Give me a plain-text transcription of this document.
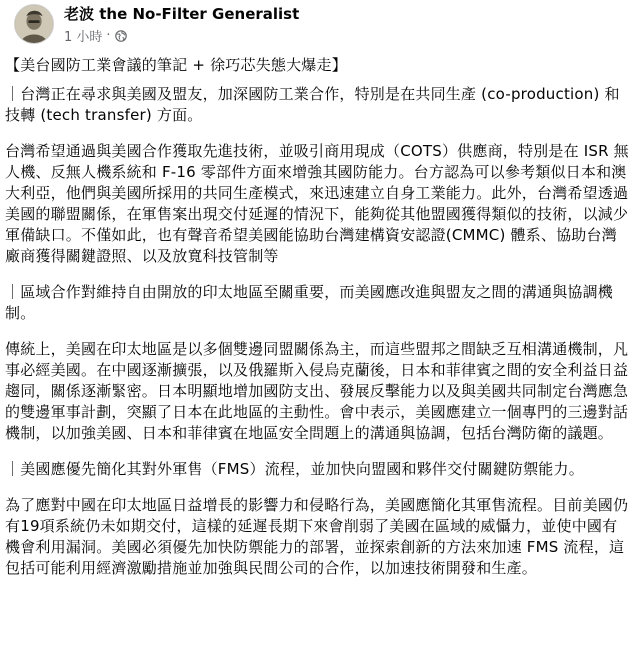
老波 the No-Filter Generalist
1 小時 ·

【美台國防工業會議的筆記 + 徐巧芯失態大爆走】

｜台灣正在尋求與美國及盟友，加深國防工業合作，特別是在共同生產 (co-production) 和技轉 (tech transfer) 方面。

台灣希望通過與美國合作獲取先進技術，並吸引商用現成（COTS）供應商，特別是在 ISR 無人機、反無人機系統和 F-16 零部件方面來增強其國防能力。台方認為可以參考類似日本和澳大利亞，他們與美國所採用的共同生產模式，來迅速建立自身工業能力。此外，台灣希望透過美國的聯盟關係，在軍售案出現交付延遲的情況下，能夠從其他盟國獲得類似的技術，以減少軍備缺口。不僅如此，也有聲音希望美國能協助台灣建構資安認證(CMMC) 體系、協助台灣廠商獲得關鍵證照、以及放寬科技管制等

｜區域合作對維持自由開放的印太地區至關重要，而美國應改進與盟友之間的溝通與協調機制。

傳統上，美國在印太地區是以多個雙邊同盟關係為主，而這些盟邦之間缺乏互相溝通機制，凡事必經美國。在中國逐漸擴張，以及俄羅斯入侵烏克蘭後，日本和菲律賓之間的安全利益日益趨同，關係逐漸緊密。日本明顯地增加國防支出、發展反擊能力以及與美國共同制定台灣應急的雙邊軍事計劃，突顯了日本在此地區的主動性。會中表示，美國應建立一個專門的三邊對話機制，以加強美國、日本和菲律賓在地區安全問題上的溝通與協調，包括台灣防衛的議題。

｜美國應優先簡化其對外軍售（FMS）流程，並加快向盟國和夥伴交付關鍵防禦能力。

為了應對中國在印太地區日益增長的影響力和侵略行為，美國應簡化其軍售流程。目前美國仍有19項系統仍未如期交付，這樣的延遲長期下來會削弱了美國在區域的威懾力，並使中國有機會利用漏洞。美國必須優先加快防禦能力的部署，並探索創新的方法來加速 FMS 流程，這包括可能利用經濟激勵措施並加強與民間公司的合作，以加速技術開發和生產。
